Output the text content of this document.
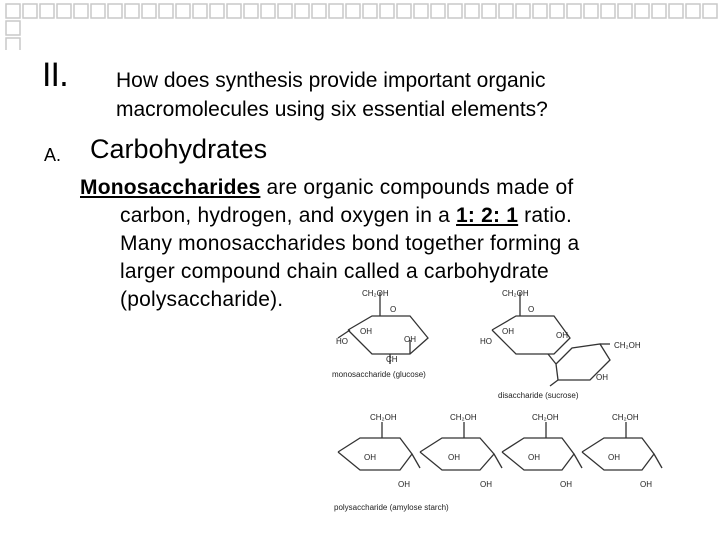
II. How does synthesis provide important organic macromolecules using six essential elements?
A. Carbohydrates
Monosaccharides are organic compounds made of
carbon, hydrogen, and oxygen in a 1: 2: 1 ratio.
Many monosaccharides bond together forming a
larger compound chain called a carbohydrate
(polysaccharide).	CH₂OH
O
OH
HO	OH
CH
monosaccharide (glucose)
CH₂OH
O
OH
HO
OH
CH₂OH
OH
disaccharide (sucrose)
CH₂OH	CH₂OH	CH₂OH	CH₂OH
OH	OH	OH	OH
OH	OH	OH	OH
polysaccharide (amylose starch)
